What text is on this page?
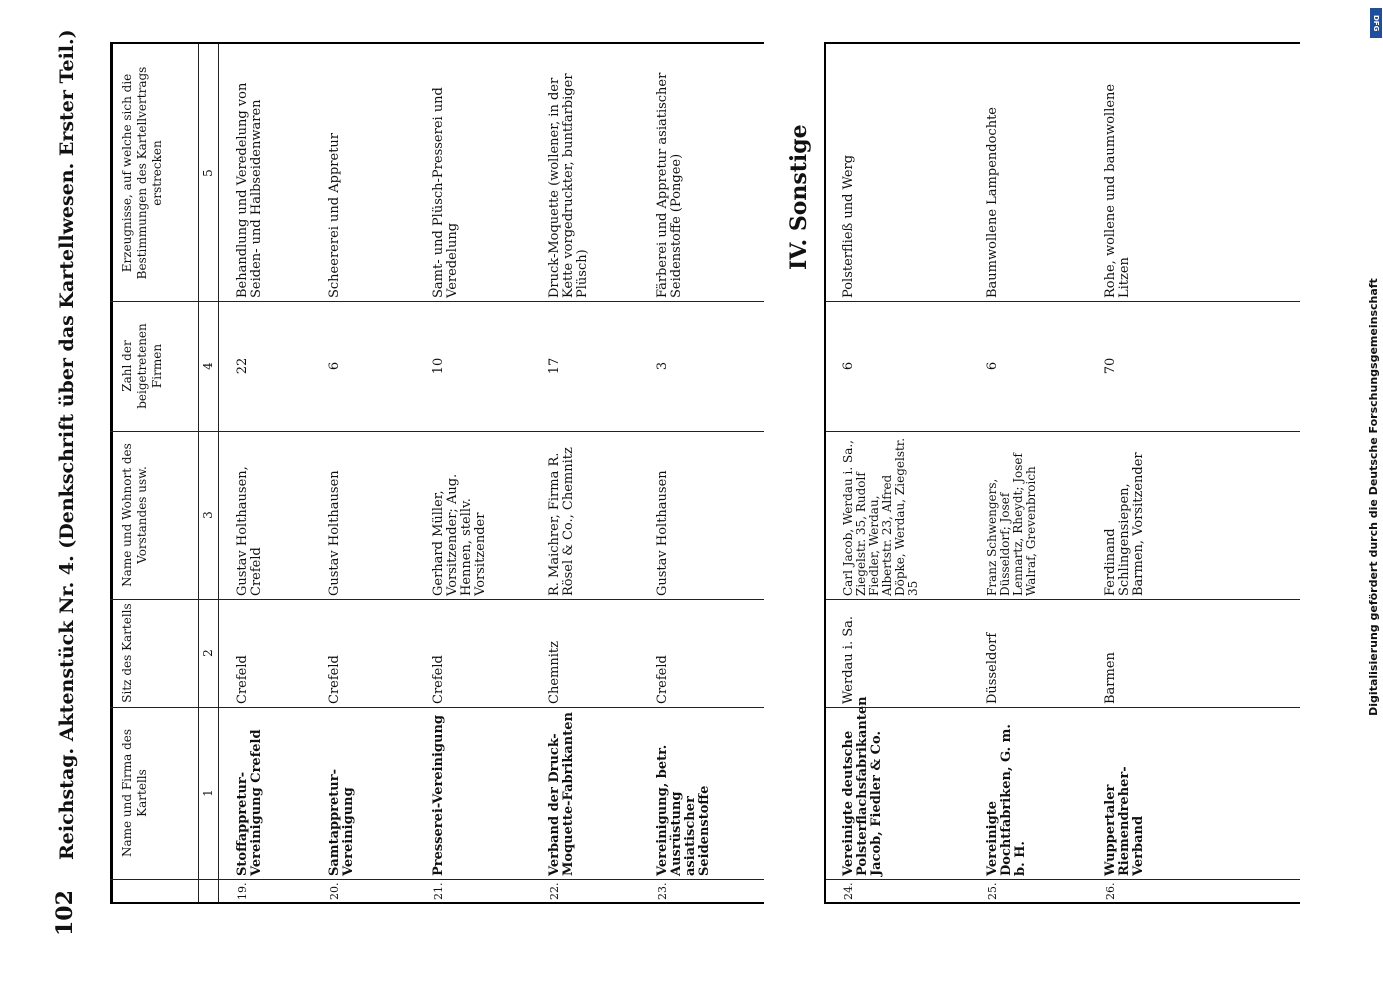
102
Reichstag. Aktenstück Nr. 4. (Denkschrift über das Kartellwesen. Erster Teil.)	Name und Firma des Kartells
Sitz des Kartells
Name und Wohnort des Vorstandes usw.
Zahl der beigetretenen Firmen
Erzeugnisse, auf welche sich die Bestimmungen des Kartellvertrags erstrecken
1
2
3
4
5
19.
Stoffappretur-Vereinigung Crefeld
Crefeld
Gustav Holthausen, Crefeld
22
Behandlung und Veredelung von Seiden- und Halbseidenwaren
20.
Samtappretur-Vereinigung
Crefeld
Gustav Holthausen
6
Scheererei und Appretur
21.
Presserei-Vereinigung
Crefeld
Gerhard Müller, Vorsitzender; Aug. Hennen, stellv. Vorsitzender
10
Samt- und Plüsch-Presserei und Veredelung
22.
Verband der Druck-Moquette-Fabrikanten
Chemnitz
R. Maichrer, Firma R. Rösel & Co., Chemnitz
17
Druck-Moquette (wollener, in der Kette vorgedruckter, buntfarbiger Plüsch)
23.
Vereinigung, betr. Ausrüstung asiatischer Seidenstoffe
Crefeld
Gustav Holthausen
3
Färberei und Appretur asiatischer Seidenstoffe (Pongee)
24.
Vereinigte deutsche Polsterflachsfabrikanten Jacob, Fiedler & Co.
Werdau i. Sa.
Carl Jacob, Werdau i. Sa., Ziegelstr. 35, Rudolf Fiedler, Werdau, Albertstr. 23, Alfred Döpke, Werdau, Ziegelstr. 35
6
Polsterfließ und Werg
25.
Vereinigte Dochtfabriken, G. m. b. H.
Düsseldorf
Franz Schwengers, Düsseldorf; Josef Lennartz, Rheydt; Josef Walraf, Grevenbroich
6
Baumwollene Lampendochte
26.
Wuppertaler Riemendreher-Verband
Barmen
Ferdinand Schlingensiepen, Barmen, Vorsitzender
70
Rohe, wollene und baumwollene Litzen
IV. Sonstige
DFG
Digitalisierung gefördert durch die Deutsche Forschungsgemeinschaft
